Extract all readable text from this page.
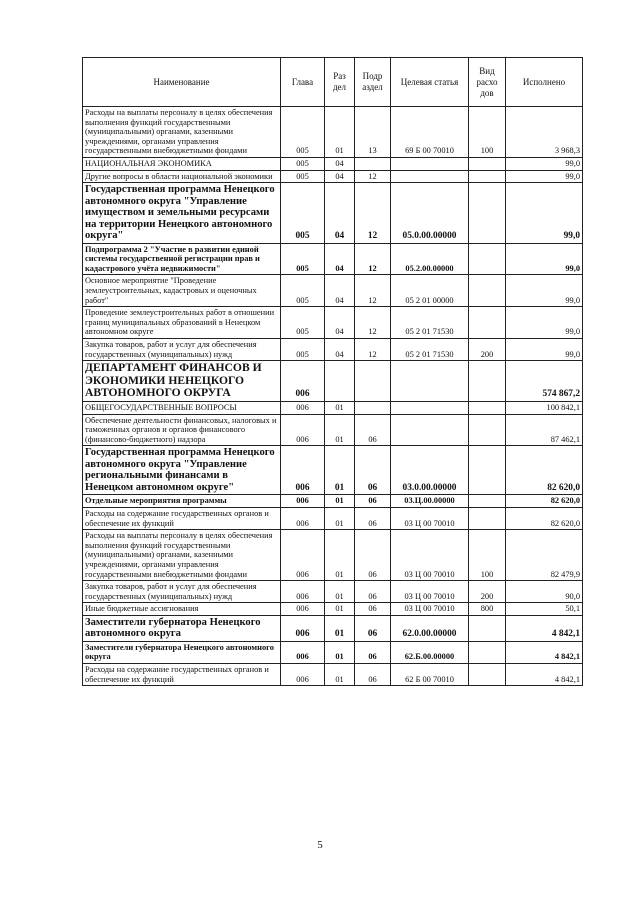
Наименование	Глава	Раз дел	Подр аздел	Целевая статья	Вид расхо дов	Исполнено
Расходы на выплаты персоналу в целях обеспечения выполнения функций государственными (муниципальными) органами, казенными учреждениями, органами управления государственными внебюджетными фондами	005	01	13	69 Б 00 70010	100	3 968,3
НАЦИОНАЛЬНАЯ ЭКОНОМИКА	005	04				99,0
Другие вопросы в области национальной экономики	005	04	12			99,0
Государственная программа Ненецкого автономного округа "Управление имуществом и земельными ресурсами на территории Ненецкого автономного округа"	005	04	12	05.0.00.00000		99,0
Подпрограмма 2 "Участие в развитии единой системы государственной регистрации прав и кадастрового учёта недвижимости"	005	04	12	05.2.00.00000		99,0
Основное мероприятие "Проведение землеустроительных, кадастровых и оценочных работ"	005	04	12	05 2 01 00000		99,0
Проведение землеустроительных работ в отношении границ муниципальных образований в Ненецком автономном округе	005	04	12	05 2 01 71530		99,0
Закупка товаров, работ и услуг для обеспечения государственных (муниципальных) нужд	005	04	12	05 2 01 71530	200	99,0
ДЕПАРТАМЕНТ ФИНАНСОВ И ЭКОНОМИКИ НЕНЕЦКОГО АВТОНОМНОГО ОКРУГА	006					574 867,2
ОБЩЕГОСУДАРСТВЕННЫЕ ВОПРОСЫ	006	01				100 842,1
Обеспечение деятельности финансовых, налоговых и таможенных органов и органов финансового (финансово-бюджетного) надзора	006	01	06			87 462,1
Государственная программа Ненецкого автономного округа "Управление региональными финансами в Ненецком автономном округе"	006	01	06	03.0.00.00000		82 620,0
Отдельные мероприятия программы	006	01	06	03.Ц.00.00000		82 620,0
Расходы на содержание государственных органов и обеспечение их функций	006	01	06	03 Ц 00 70010		82 620,0
Расходы на выплаты персоналу в целях обеспечения выполнения функций государственными (муниципальными) органами, казенными учреждениями, органами управления государственными внебюджетными фондами	006	01	06	03 Ц 00 70010	100	82 479,9
Закупка товаров, работ и услуг для обеспечения государственных (муниципальных) нужд	006	01	06	03 Ц 00 70010	200	90,0
Иные бюджетные ассигнования	006	01	06	03 Ц 00 70010	800	50,1
Заместители губернатора Ненецкого автономного округа	006	01	06	62.0.00.00000		4 842,1
Заместители губернатора Ненецкого автономного округа	006	01	06	62.Б.00.00000		4 842,1
Расходы на содержание государственных органов и обеспечение их функций	006	01	06	62 Б 00 70010		4 842,1
5
